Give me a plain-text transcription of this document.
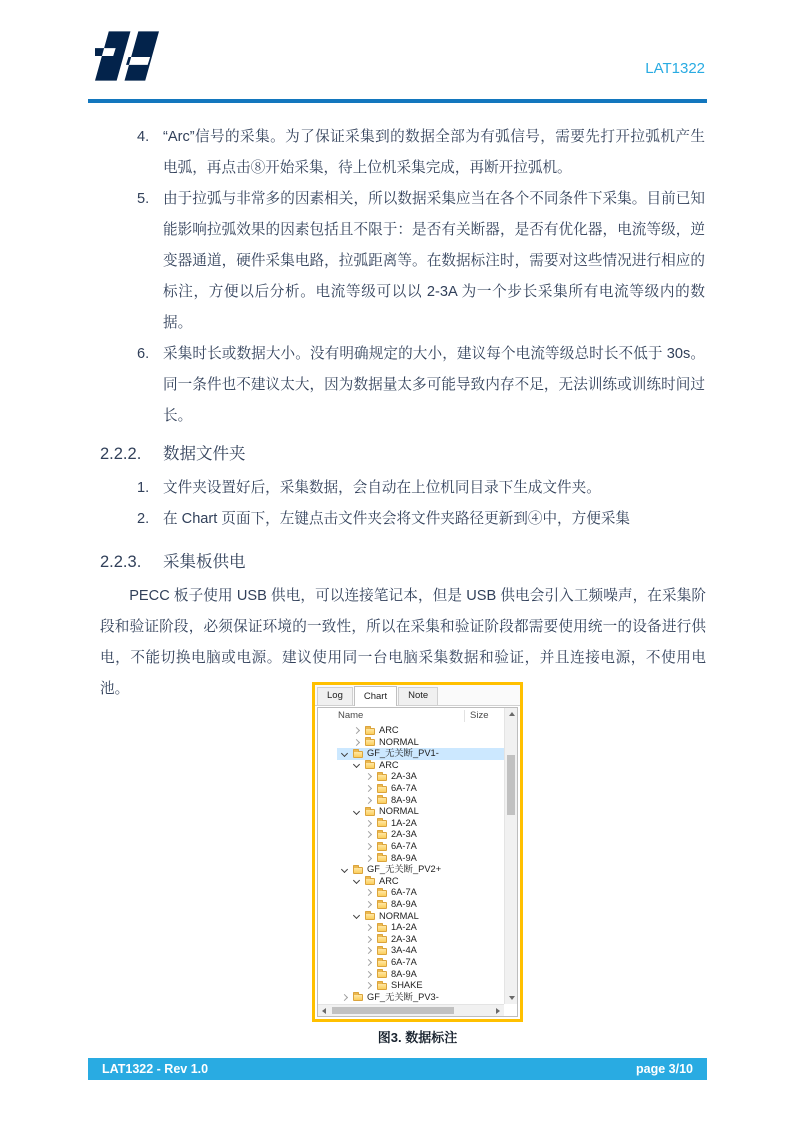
LAT1322
4. “Arc”信号的采集。为了保证采集到的数据全部为有弧信号，需要先打开拉弧机产生电弧，再点击⑧开始采集，待上位机采集完成，再断开拉弧机。
5. 由于拉弧与非常多的因素相关，所以数据采集应当在各个不同条件下采集。目前已知能影响拉弧效果的因素包括且不限于：是否有关断器，是否有优化器，电流等级，逆变器通道，硬件采集电路，拉弧距离等。在数据标注时，需要对这些情况进行相应的标注，方便以后分析。电流等级可以以 2-3A 为一个步长采集所有电流等级内的数据。
6. 采集时长或数据大小。没有明确规定的大小，建议每个电流等级总时长不低于 30s。同一条件也不建议太大，因为数据量太多可能导致内存不足，无法训练或训练时间过长。
2.2.2.	数据文件夹
1. 文件夹设置好后，采集数据，会自动在上位机同目录下生成文件夹。
2. 在 Chart 页面下，左键点击文件夹会将文件夹路径更新到④中，方便采集
2.2.3.	采集板供电
PECC 板子使用 USB 供电，可以连接笔记本，但是 USB 供电会引入工频噪声，在采集阶段和验证阶段，必须保证环境的一致性，所以在采集和验证阶段都需要使用统一的设备进行供电，不能切换电脑或电源。建议使用同一台电脑采集数据和验证，并且连接电源，不使用电池。	Log	Chart	Note
Name	Size
ARC
NORMAL
GF_无关断_PV1-
ARC
2A-3A
6A-7A
8A-9A
NORMAL
1A-2A
2A-3A
6A-7A
8A-9A
GF_无关断_PV2+
ARC
6A-7A
8A-9A
NORMAL
1A-2A
2A-3A
3A-4A
6A-7A
8A-9A
SHAKE
GF_无关断_PV3-
图3. 数据标注
LAT1322 - Rev 1.0	page 3/10
